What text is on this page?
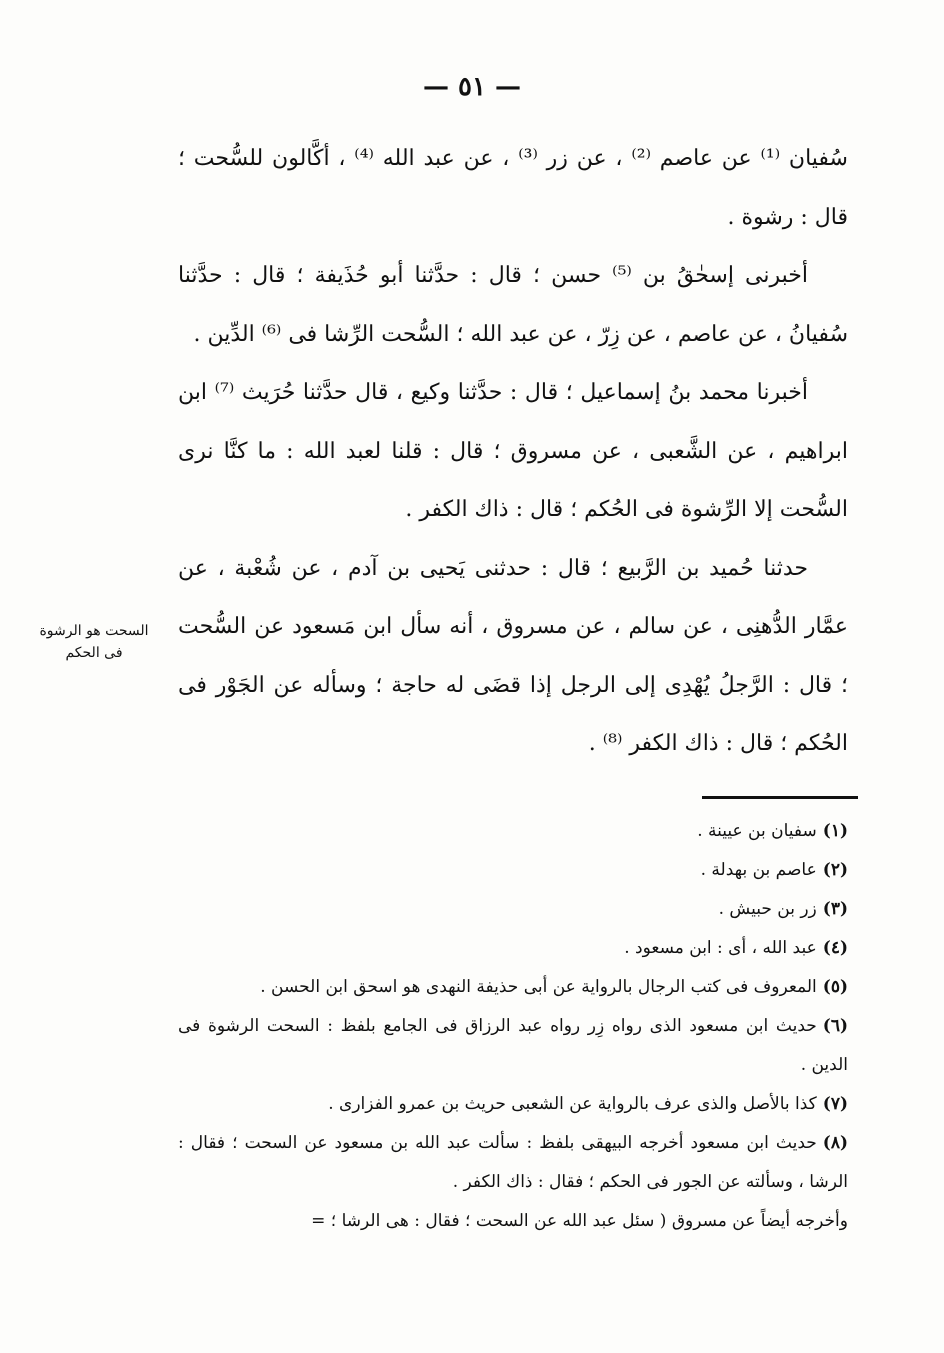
— ٥١ —

سُفيان ⁽¹⁾ عن عاصم ⁽²⁾ ، عن زر ⁽³⁾ ، عن عبد الله ⁽⁴⁾ ، أكَّالون للسُّحت ؛ قال : رشوة .

أخبرنى إسحٰقُ بن ⁽⁵⁾ حسن ؛ قال : حدَّثنا أبو حُذَيفة ؛ قال : حدَّثنا سُفيانُ ، عن عاصم ، عن زِرّ ، عن عبد الله ؛ السُّحت الرِّشا فى ⁽⁶⁾ الدِّين .

أخبرنا محمد بنُ إسماعيل ؛ قال : حدَّثنا وكيع ، قال حدَّثنا حُرَيث ⁽⁷⁾ ابن ابراهيم ، عن الشَّعبى ، عن مسروق ؛ قال : قلنا لعبد الله : ما كنَّا نرى السُّحت إلا الرِّشوة فى الحُكم ؛ قال : ذاك الكفر .

حدثنا حُميد بن الرَّبيع ؛ قال : حدثنى يَحيى بن آدم ، عن شُعْبة ، عن عمَّار الدُّهنِى ، عن سالم ، عن مسروق ، أنه سأل ابن مَسعود عن السُّحت ؛ قال : الرَّجلُ يُهْدِى إلى الرجل إذا قضَى له حاجة ؛ وسأله عن الجَوْر فى الحُكم ؛ قال : ذاك الكفر ⁽⁸⁾ .

السحت هو الرشوة فى الحكم

(١)سفيان بن عيينة .

(٢)عاصم بن بهدلة .

(٣)زر بن حبيش .

(٤)عبد الله ، أى : ابن مسعود .

(٥)المعروف فى كتب الرجال بالرواية عن أبى حذيفة النهدى هو اسحق ابن الحسن .

(٦)حديث ابن مسعود الذى رواه زِر رواه عبد الرزاق فى الجامع بلفظ : السحت الرشوة فى الدين .

(٧)كذا بالأصل والذى عرف بالرواية عن الشعبى حريث بن عمرو الفزارى .

(٨)حديث ابن مسعود أخرجه البيهقى بلفظ : سألت عبد الله بن مسعود عن السحت ؛ فقال : الرشا ، وسألته عن الجور فى الحكم ؛ فقال : ذاك الكفر .

وأخرجه أيضاً عن مسروق ( سئل عبد الله عن السحت ؛ فقال : هى الرشا ؛ =
